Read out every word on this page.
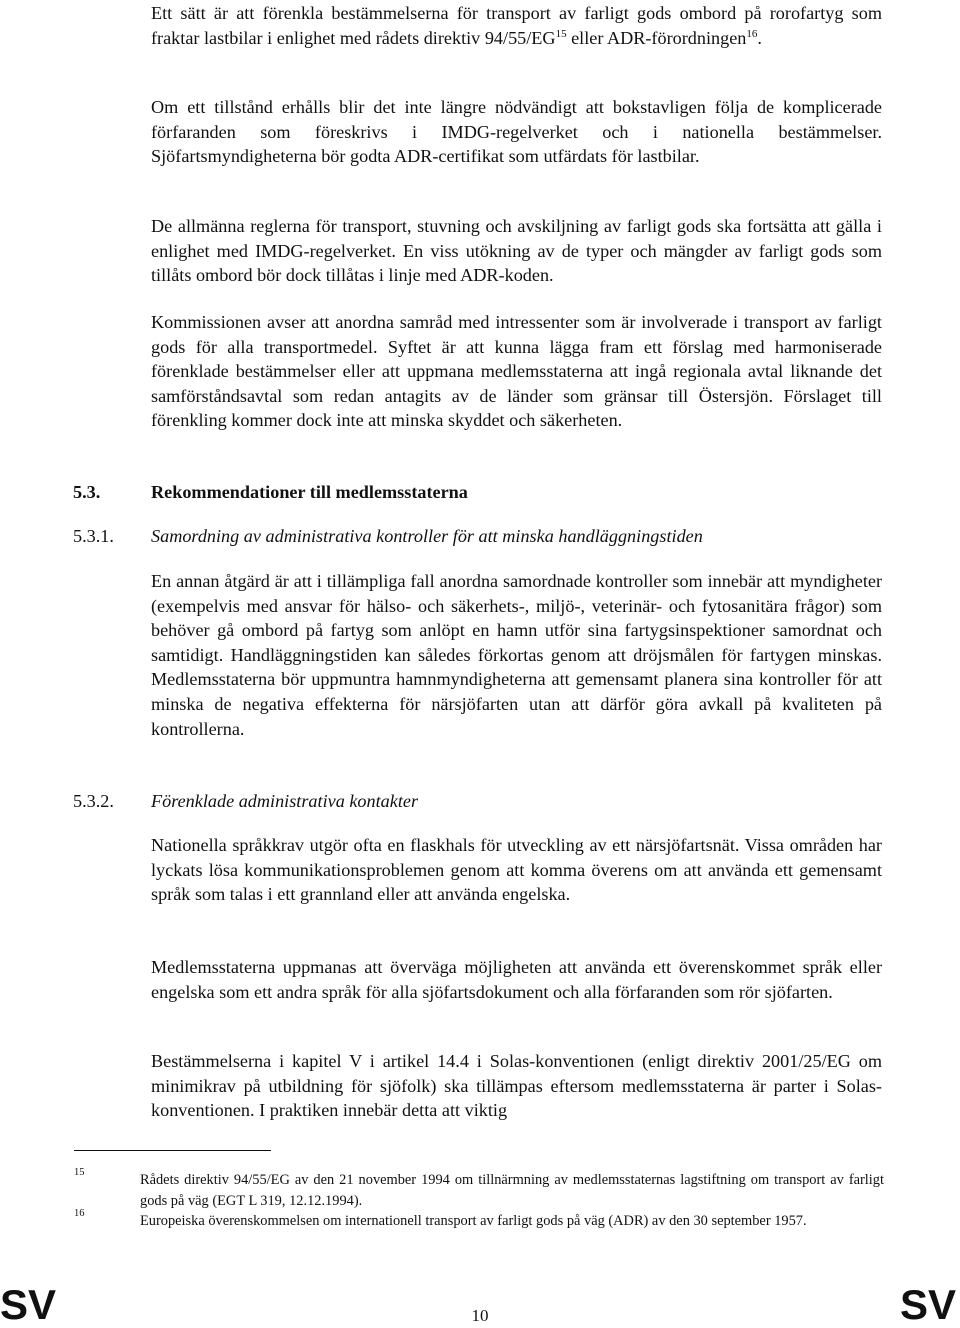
Ett sätt är att förenkla bestämmelserna för transport av farligt gods ombord på rorofartyg som fraktar lastbilar i enlighet med rådets direktiv 94/55/EG$^{15}$ eller ADR-förordningen$^{16}$.

Om ett tillstånd erhålls blir det inte längre nödvändigt att bokstavligen följa de komplicerade förfaranden som föreskrivs i IMDG-regelverket och i nationella bestämmelser. Sjöfartsmyndigheterna bör godta ADR-certifikat som utfärdats för lastbilar.

De allmänna reglerna för transport, stuvning och avskiljning av farligt gods ska fortsätta att gälla i enlighet med IMDG-regelverket. En viss utökning av de typer och mängder av farligt gods som tillåts ombord bör dock tillåtas i linje med ADR-koden.

Kommissionen avser att anordna samråd med intressenter som är involverade i transport av farligt gods för alla transportmedel. Syftet är att kunna lägga fram ett förslag med harmoniserade förenklade bestämmelser eller att uppmana medlemsstaterna att ingå regionala avtal liknande det samförståndsavtal som redan antagits av de länder som gränsar till Östersjön. Förslaget till förenkling kommer dock inte att minska skyddet och säkerheten.

5.3.	Rekommendationer till medlemsstaterna
5.3.1. Samordning av administrativa kontroller för att minska handläggningstiden

En annan åtgärd är att i tillämpliga fall anordna samordnade kontroller som innebär att myndigheter (exempelvis med ansvar för hälso- och säkerhets-, miljö-, veterinär- och fytosanitära frågor) som behöver gå ombord på fartyg som anlöpt en hamn utför sina fartygsinspektioner samordnat och samtidigt. Handläggningstiden kan således förkortas genom att dröjsmålen för fartygen minskas. Medlemsstaterna bör uppmuntra hamnmyndigheterna att gemensamt planera sina kontroller för att minska de negativa effekterna för närsjöfarten utan att därför göra avkall på kvaliteten på kontrollerna.

5.3.2. Förenklade administrativa kontakter

Nationella språkkrav utgör ofta en flaskhals för utveckling av ett närsjöfartsnät. Vissa områden har lyckats lösa kommunikationsproblemen genom att komma överens om att använda ett gemensamt språk som talas i ett grannland eller att använda engelska.

Medlemsstaterna uppmanas att överväga möjligheten att använda ett överenskommet språk eller engelska som ett andra språk för alla sjöfartsdokument och alla förfaranden som rör sjöfarten.

Bestämmelserna i kapitel V i artikel 14.4 i Solas-konventionen (enligt direktiv 2001/25/EG om minimikrav på utbildning för sjöfolk) ska tillämpas eftersom medlemsstaterna är parter i Solas-konventionen. I praktiken innebär detta att viktig

15	Rådets direktiv 94/55/EG av den 21 november 1994 om tillnärmning av medlemsstaternas lagstiftning om transport av farligt gods på väg (EGT L 319, 12.12.1994).
16	Europeiska överenskommelsen om internationell transport av farligt gods på väg (ADR) av den 30 september 1957.
SV	10	SV
